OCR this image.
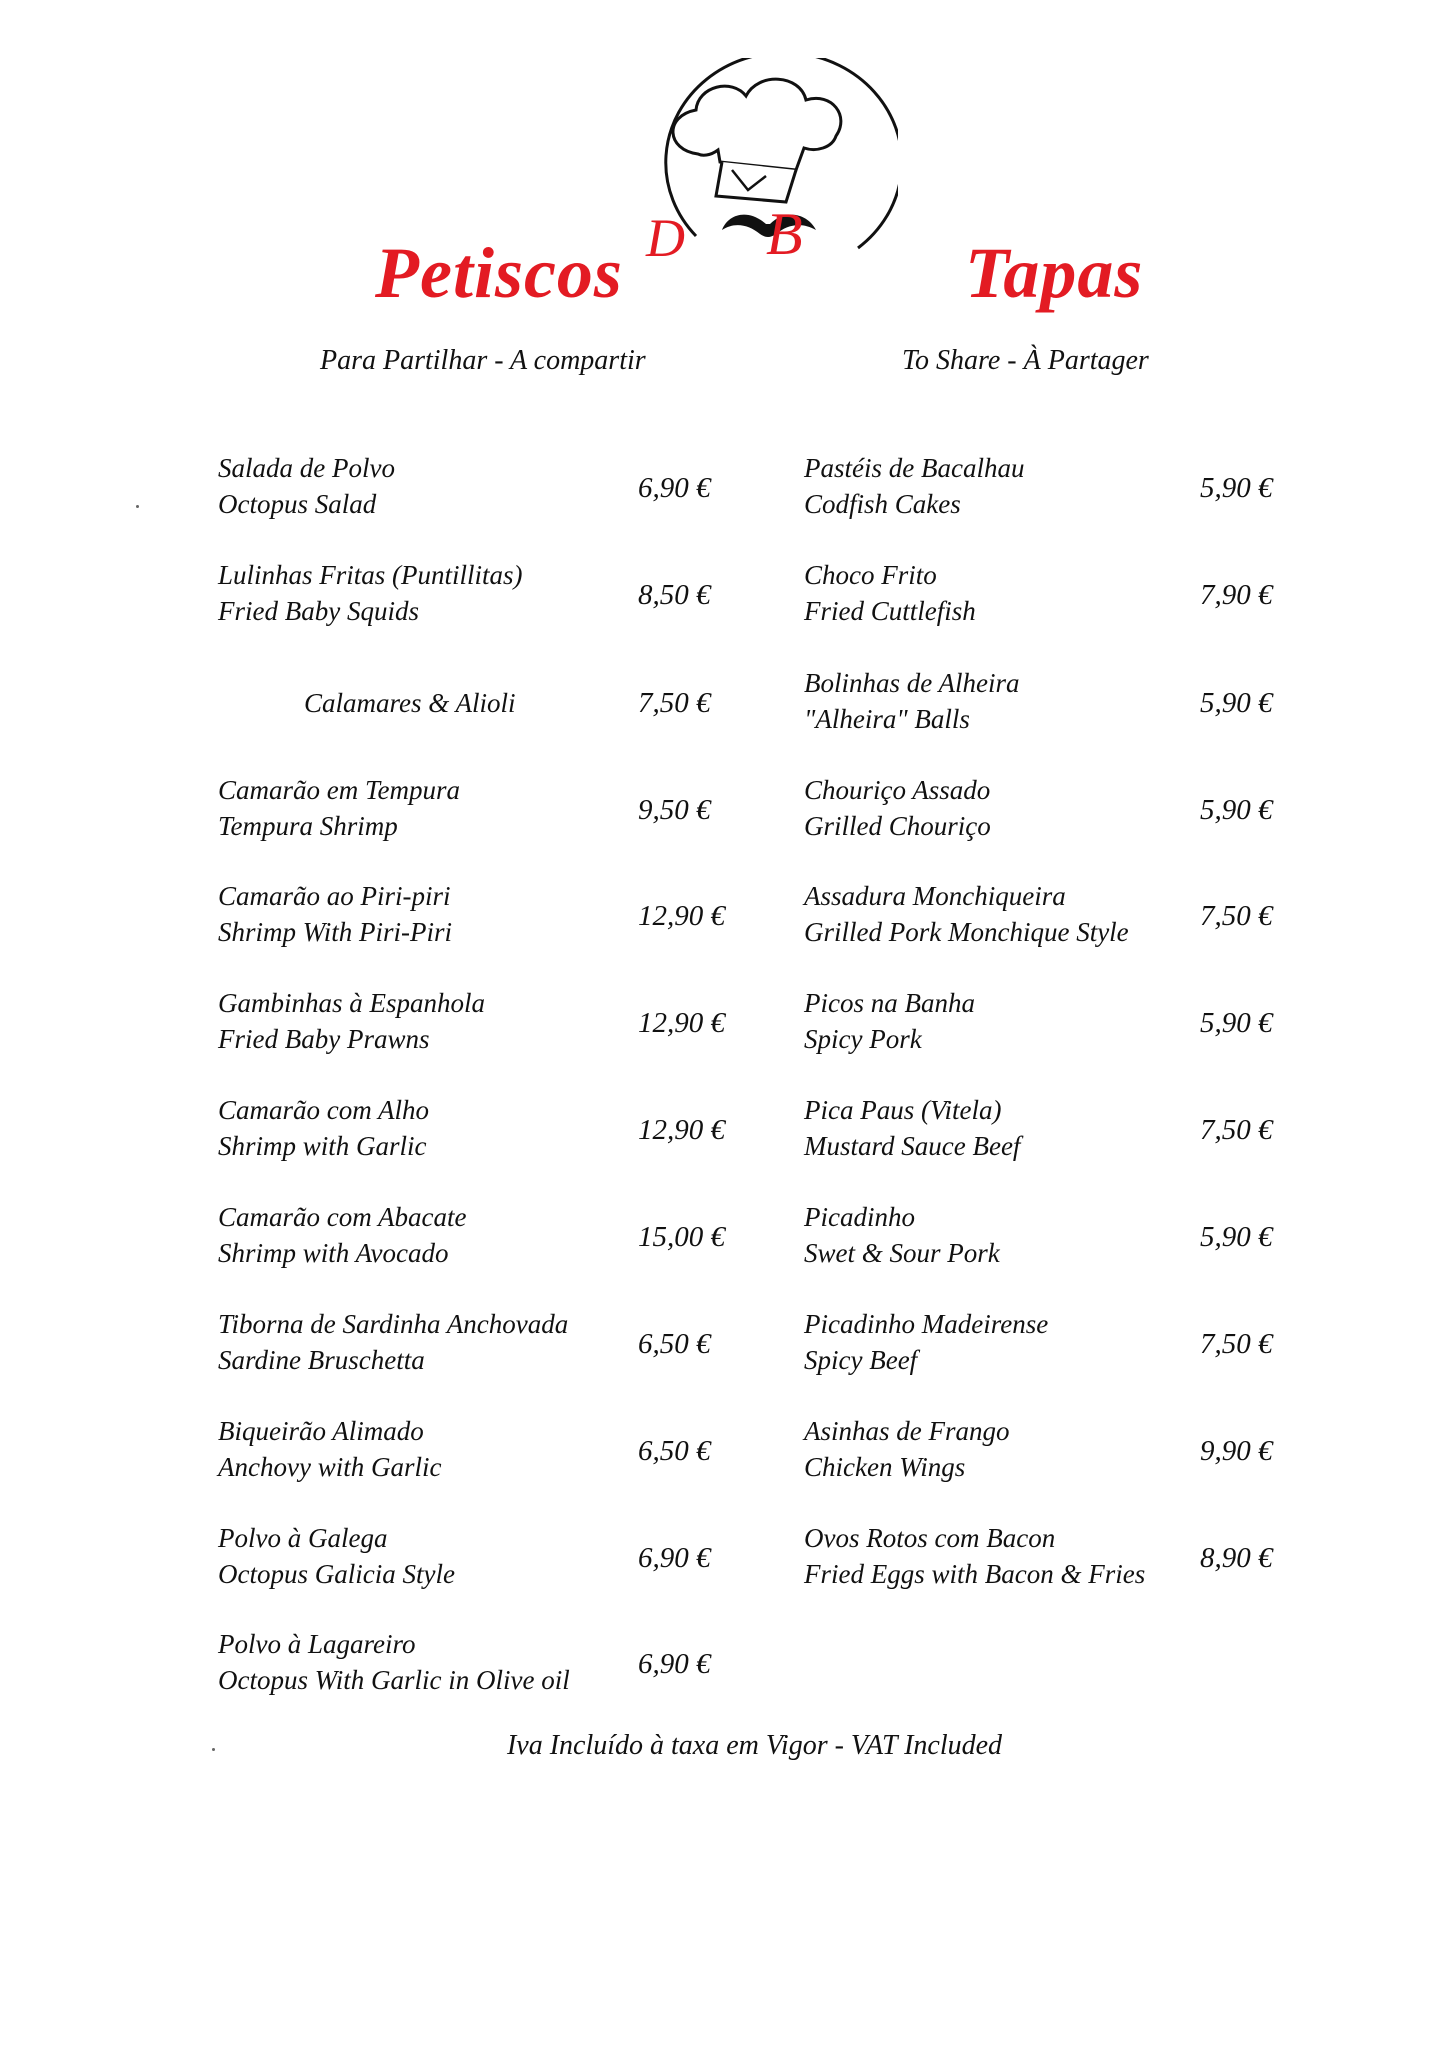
D B
Petiscos	Tapas
Para Partilhar - A compartir	To Share - À Partager
Salada de Polvo
Octopus Salad	6,90 €
Lulinhas Fritas (Puntillitas)
Fried Baby Squids	8,50 €
Calamares & Alioli	7,50 €
Camarão em Tempura
Tempura Shrimp	9,50 €
Camarão ao Piri-piri
Shrimp With Piri-Piri	12,90 €
Gambinhas à Espanhola
Fried Baby Prawns	12,90 €
Camarão com Alho
Shrimp with Garlic	12,90 €
Camarão com Abacate
Shrimp with Avocado	15,00 €
Tiborna de Sardinha Anchovada
Sardine Bruschetta	6,50 €
Biqueirão Alimado
Anchovy with Garlic	6,50 €
Polvo à Galega
Octopus Galicia Style	6,90 €
Polvo à Lagareiro
Octopus With Garlic in Olive oil 6,90 €
Pastéis de Bacalhau
Codfish Cakes	5,90 €
Choco Frito
Fried Cuttlefish	7,90 €
Bolinhas de Alheira
"Alheira" Balls	5,90 €
Chouriço Assado
Grilled Chouriço	5,90 €
Assadura Monchiqueira
Grilled Pork Monchique Style 7,50 €
Picos na Banha
Spicy Pork	5,90 €
Pica Paus (Vitela)
Mustard Sauce Beef	7,50 €
Picadinho
Swet & Sour Pork	5,90 €
Picadinho Madeirense
Spicy Beef	7,50 €
Asinhas de Frango
Chicken Wings	9,90 €
Ovos Rotos com Bacon
Fried Eggs with Bacon & Fries 8,90 €
Iva Incluído à taxa em Vigor - VAT Included
